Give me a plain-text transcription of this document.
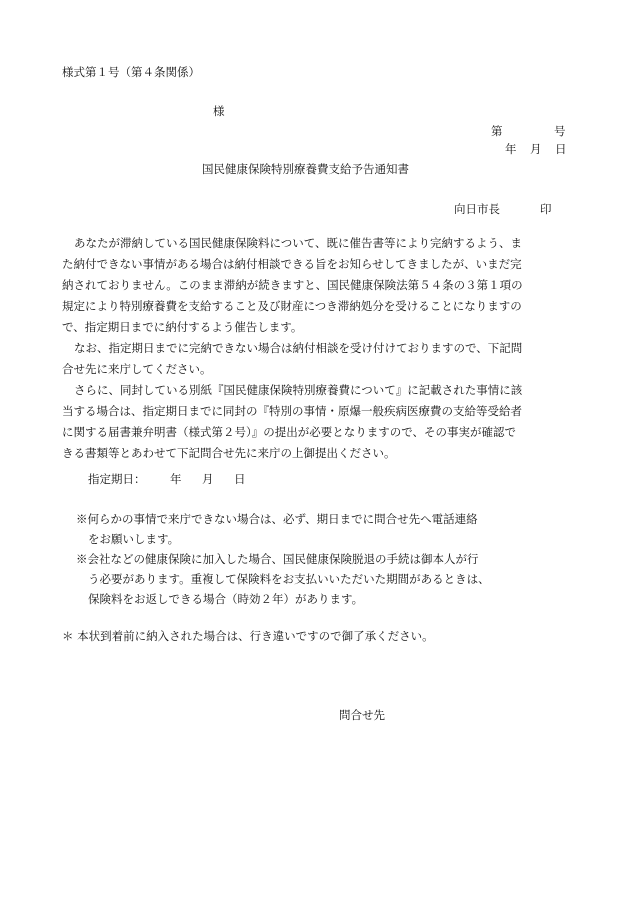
様式第１号（第４条関係）
様
第	号
年 月 日
国民健康保険特別療養費支給予告通知書
向日市長	印
あなたが滞納している国民健康保険料について、既に催告書等により完納するよう、ま
た納付できない事情がある場合は納付相談できる旨をお知らせしてきましたが、いまだ完
納されておりません。このまま滞納が続きますと、国民健康保険法第５４条の３第１項の
規定により特別療養費を支給すること及び財産につき滞納処分を受けることになりますの
で、指定期日までに納付するよう催告します。
なお、指定期日までに完納できない場合は納付相談を受け付けておりますので、下記問
合せ先に来庁してください。
さらに、同封している別紙『国民健康保険特別療養費について』に記載された事情に該
当する場合は、指定期日までに同封の『特別の事情・原爆一般疾病医療費の支給等受給者
に関する届書兼弁明書（様式第２号）』の提出が必要となりますので、その事実が確認で
きる書類等とあわせて下記問合せ先に来庁の上御提出ください。
指定期日： 年 月 日
※何らかの事情で来庁できない場合は、必ず、期日までに問合せ先へ電話連絡
をお願いします。
※会社などの健康保険に加入した場合、国民健康保険脱退の手続は御本人が行
う必要があります。重複して保険料をお支払いいただいた期間があるときは、
保険料をお返しできる場合（時効２年）があります。
＊ 本状到着前に納入された場合は、行き違いですので御了承ください。
問合せ先
